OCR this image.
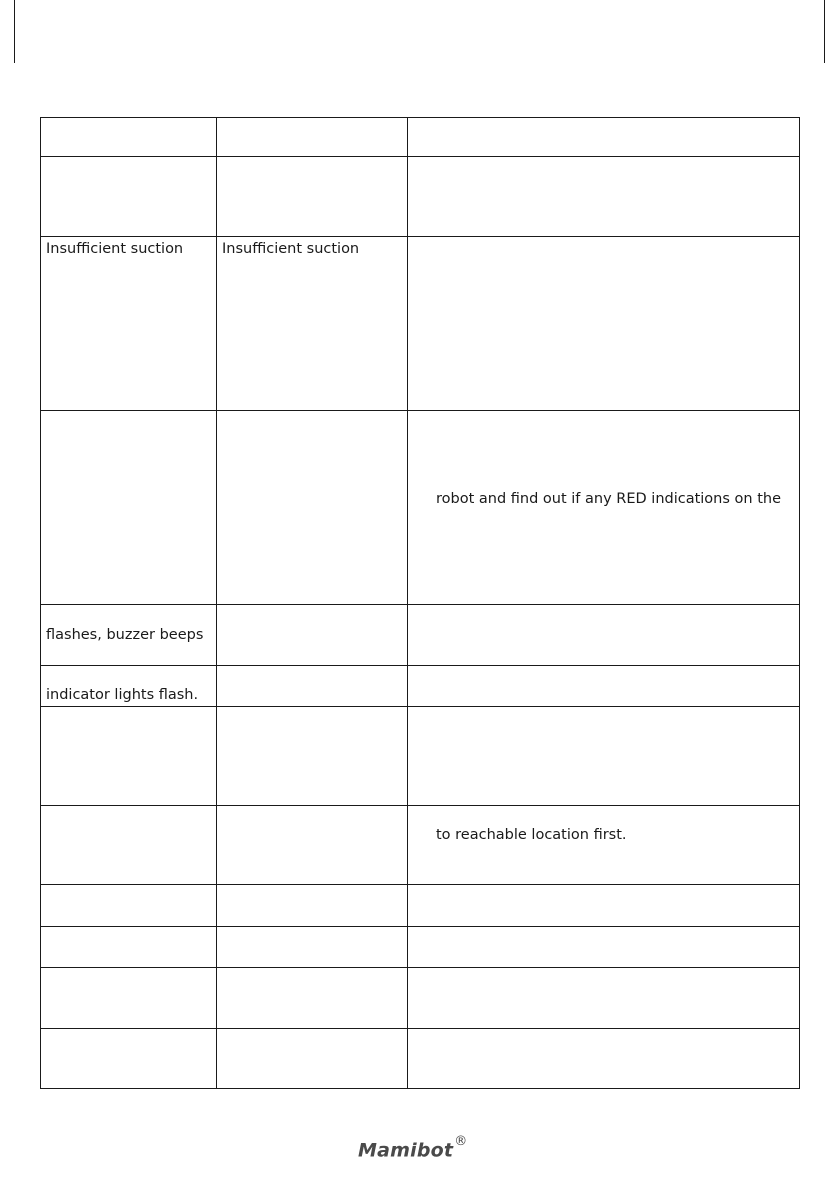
Insufficient suction	Insufficient suction	

		robot and find out if any RED indications on the

flashes, buzzer beeps		

indicator lights flash.		

		to reachable location first.

Mamibot®
